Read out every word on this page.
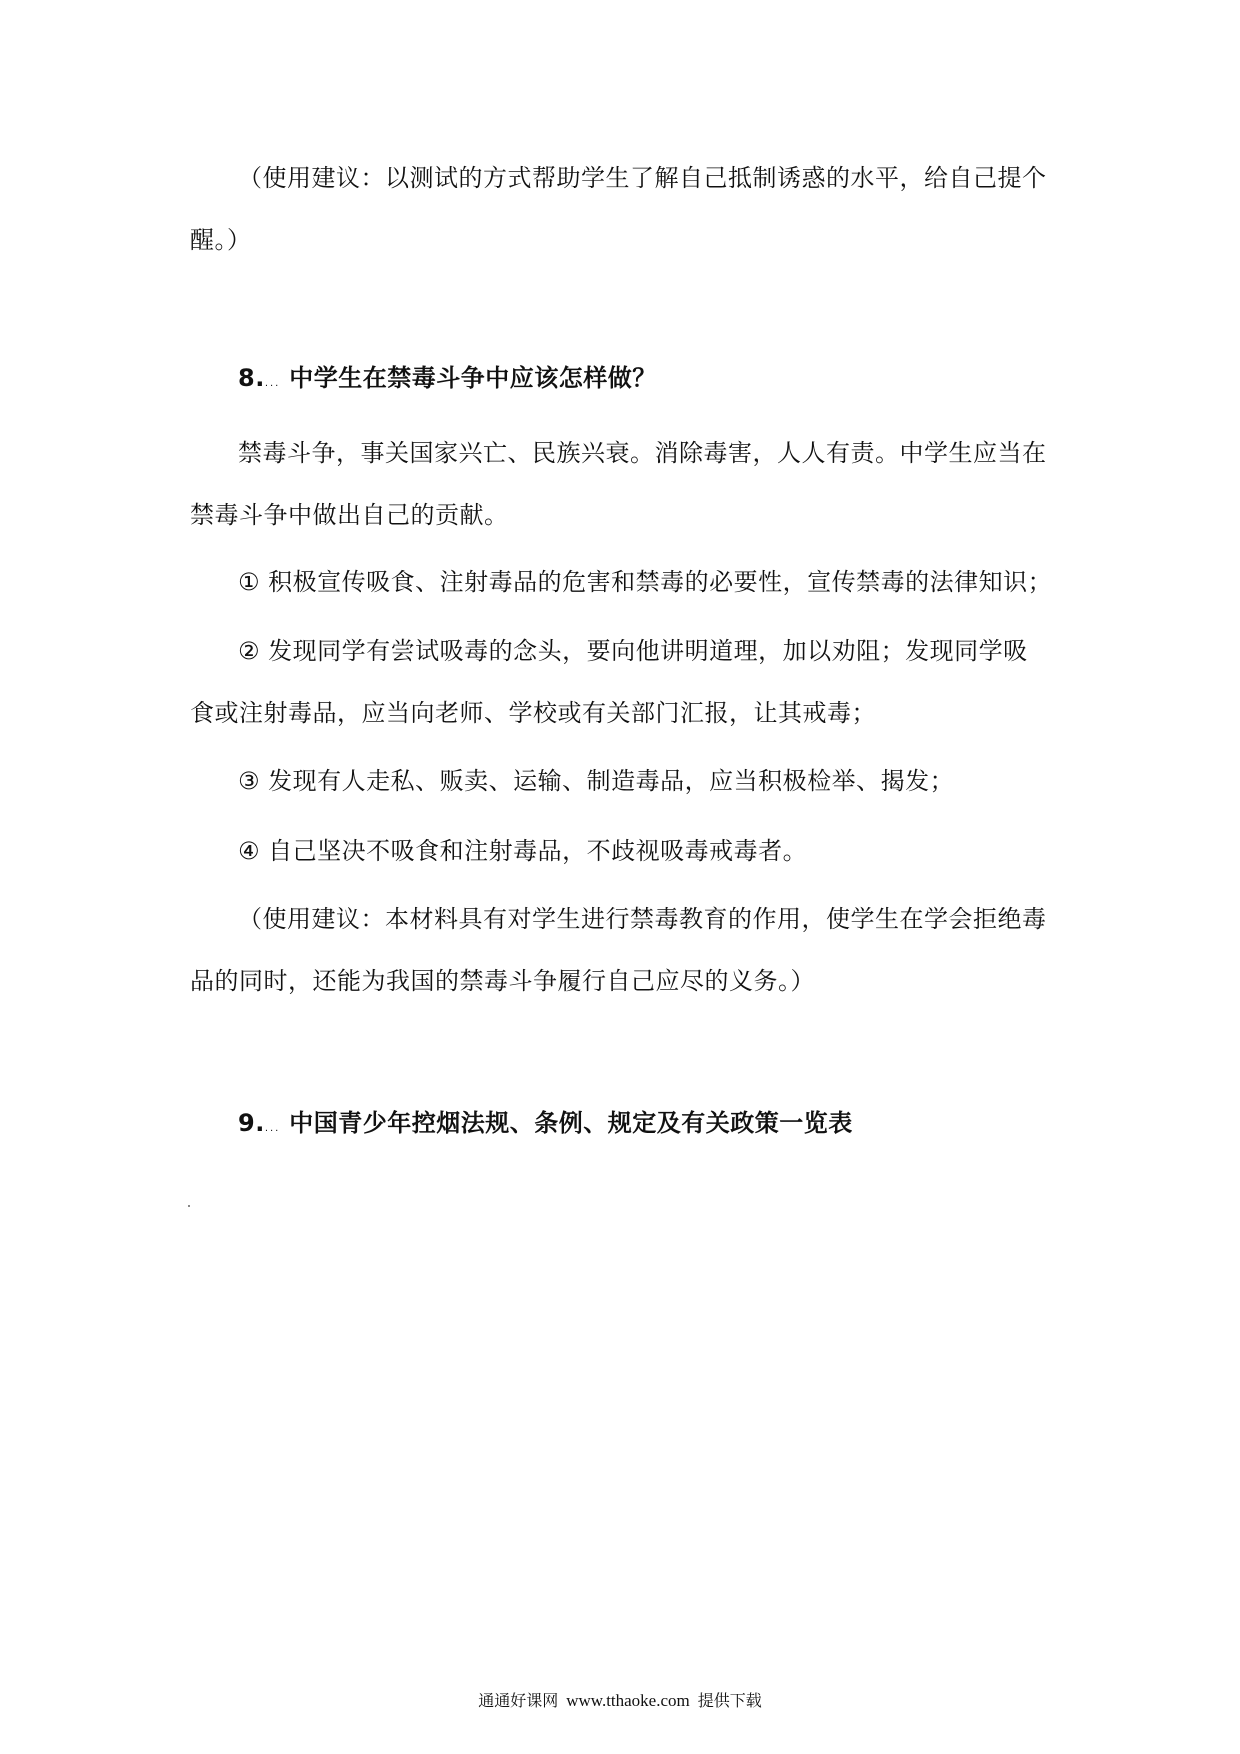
（使用建议：以测试的方式帮助学生了解自己抵制诱惑的水平，给自己提个
醒。）
8.... 中学生在禁毒斗争中应该怎样做？
禁毒斗争，事关国家兴亡、民族兴衰。消除毒害，人人有责。中学生应当在
禁毒斗争中做出自己的贡献。
① 积极宣传吸食、注射毒品的危害和禁毒的必要性，宣传禁毒的法律知识；
② 发现同学有尝试吸毒的念头，要向他讲明道理，加以劝阻；发现同学吸
食或注射毒品，应当向老师、学校或有关部门汇报，让其戒毒；
③ 发现有人走私、贩卖、运输、制造毒品，应当积极检举、揭发；
④ 自己坚决不吸食和注射毒品，不歧视吸毒戒毒者。
（使用建议：本材料具有对学生进行禁毒教育的作用，使学生在学会拒绝毒
品的同时，还能为我国的禁毒斗争履行自己应尽的义务。）
9.... 中国青少年控烟法规、条例、规定及有关政策一览表
通通好课网 www.tthaoke.com 提供下载
